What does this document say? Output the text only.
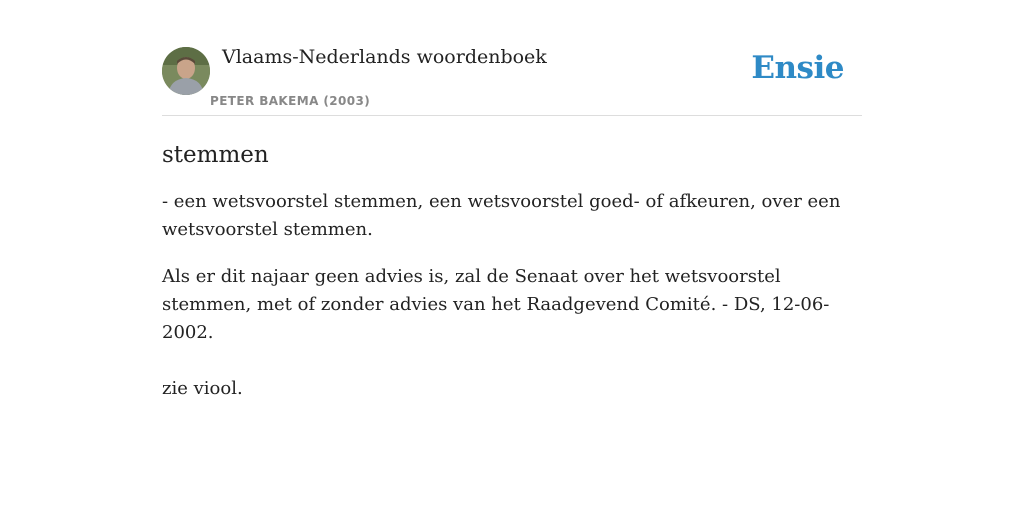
Vlaams-Nederlands woordenboek
PETER BAKEMA (2003)
Ensie
stemmen

- een wetsvoorstel stemmen, een wetsvoorstel goed- of afkeuren, over een wetsvoorstel stemmen.

Als er dit najaar geen advies is, zal de Senaat over het wetsvoorstel stemmen, met of zonder advies van het Raadgevend Comité. - DS, 12-06-2002.

zie viool.
